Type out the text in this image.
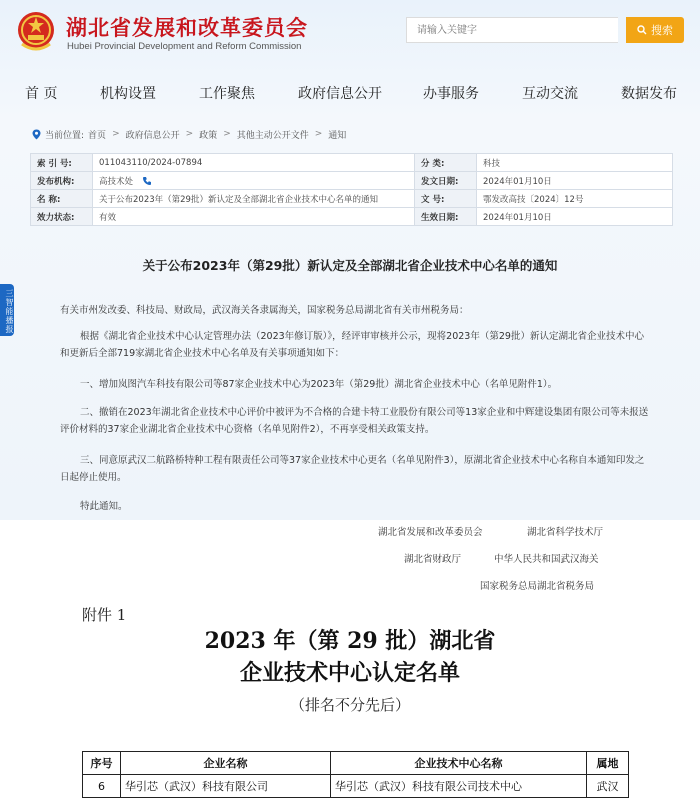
湖北省发展和改革委员会
Hubei Provincial Development and Reform Commission
请输入关键字
搜索
首 页	机构设置	工作聚焦	政府信息公开	办事服务	互动交流	数据发布
当前位置: 首页 > 政府信息公开 > 政策 > 其他主动公开文件 > 通知
索 引 号:	011043110/2024-07894	分 类:	科技
发布机构:	高技术处	发文日期:	2024年01月10日
名 称:	关于公布2023年（第29批）新认定及全部湖北省企业技术中心名单的通知	文 号:	鄂发改高技〔2024〕12号
效力状态:	有效	生效日期:	2024年01月10日
三智能播报
关于公布2023年（第29批）新认定及全部湖北省企业技术中心名单的通知
有关市州发改委、科技局、财政局，武汉海关各隶属海关，国家税务总局湖北省有关市州税务局：
根据《湖北省企业技术中心认定管理办法（2023年修订版）》，经评审审核并公示，现将2023年（第29批）新认定湖北省企业技术中心和更新后全部719家湖北省企业技术中心名单及有关事项通知如下：
一、增加岚图汽车科技有限公司等87家企业技术中心为2023年（第29批）湖北省企业技术中心（名单见附件1）。
二、撤销在2023年湖北省企业技术中心评价中被评为不合格的合建卡特工业股份有限公司等13家企业和中辉建设集团有限公司等未报送评价材料的37家企业湖北省企业技术中心资格（名单见附件2），不再享受相关政策支持。
三、同意原武汉二航路桥特种工程有限责任公司等37家企业技术中心更名（名单见附件3），原湖北省企业技术中心名称自本通知印发之日起停止使用。
特此通知。
湖北省发展和改革委员会	湖北省科学技术厅
湖北省财政厅	中华人民共和国武汉海关
国家税务总局湖北省税务局
附件 1
2023 年（第 29 批）湖北省
企业技术中心认定名单
（排名不分先后）
序号	企业名称	企业技术中心名称	属地
6	华引芯（武汉）科技有限公司	华引芯（武汉）科技有限公司技术中心	武汉
